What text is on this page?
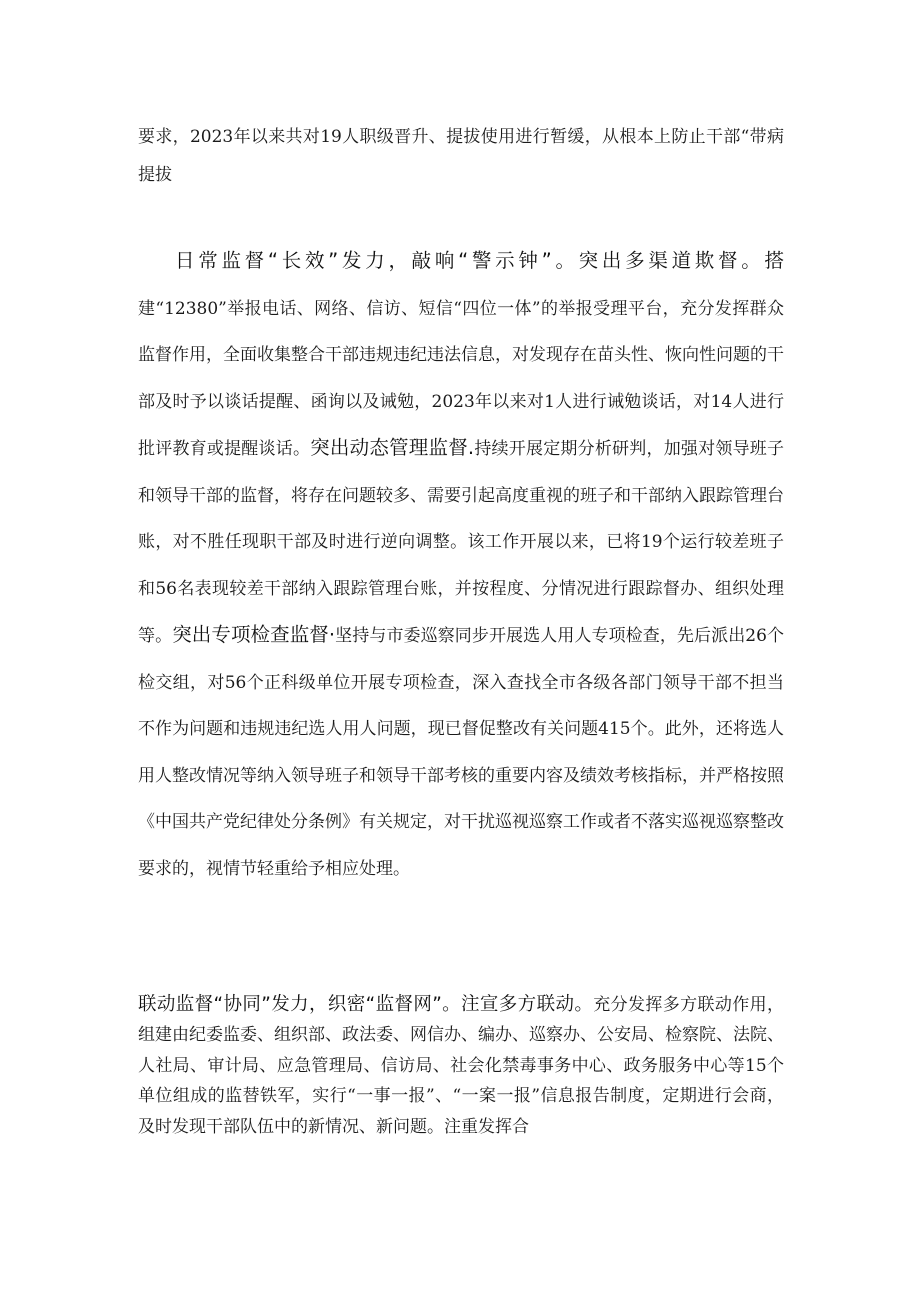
要求，2023年以来共对19人职级晋升、提拔使用进行暂缓，从根本上防止干部“带病提拔

日常监督“长效”发力，敲响“警示钟”。突出多渠道欺督。搭建“12380”举报电话、网络、信访、短信“四位一体”的举报受理平台，充分发挥群众监督作用，全面收集整合干部违规违纪违法信息，对发现存在苗头性、恢向性问题的干部及时予以谈话提醒、函询以及诫勉，2023年以来对1人进行诫勉谈话，对14人进行批评教育或提醒谈话。突出动态管理监督.持续开展定期分析研判，加强对领导班子和领导干部的监督，将存在问题较多、需要引起高度重视的班子和干部纳入跟踪管理台账，对不胜任现职干部及时进行逆向调整。该工作开展以来，已将19个运行较差班子和56名表现较差干部纳入跟踪管理台账，并按程度、分情况进行跟踪督办、组织处理等。突出专项检查监督·坚持与市委巡察同步开展选人用人专项检查，先后派出26个检交组，对56个正科级单位开展专项检查，深入查找全市各级各部门领导干部不担当不作为问题和违规违纪选人用人问题，现已督促整改有关问题415个。此外，还将选人用人整改情况等纳入领导班子和领导干部考核的重要内容及绩效考核指标，并严格按照《中国共产党纪律处分条例》有关规定，对干扰巡视巡察工作或者不落实巡视巡察整改要求的，视情节轻重给予相应处理。

联动监督“协同”发力，织密“监督网”。注宣多方联动。充分发挥多方联动作用，组建由纪委监委、组织部、政法委、网信办、编办、巡察办、公安局、检察院、法院、人社局、审计局、应急管理局、信访局、社会化禁毒事务中心、政务服务中心等15个单位组成的监替铁军，实行“一事一报”、“一案一报”信息报告制度，定期进行会商，及时发现干部队伍中的新情况、新问题。注重发挥合
